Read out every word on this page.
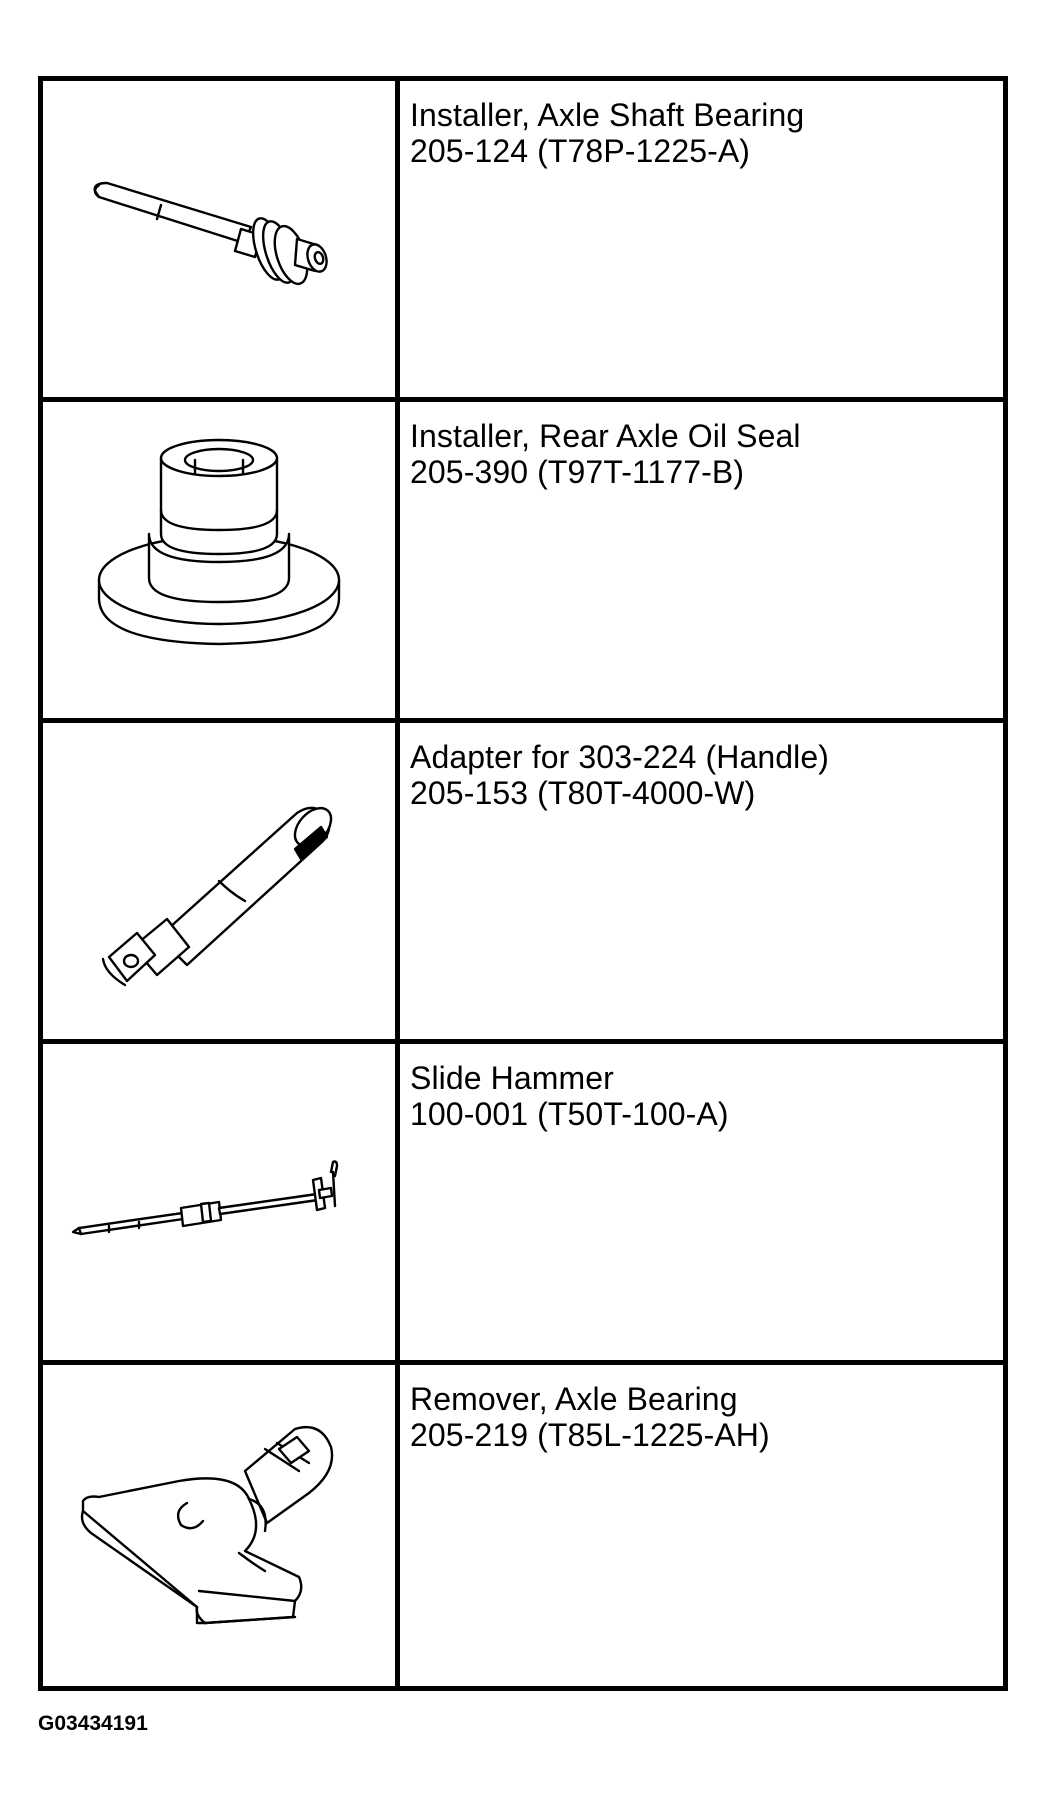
Installer, Axle Shaft Bearing
205-124 (T78P-1225-A)
Installer, Rear Axle Oil Seal
205-390 (T97T-1177-B)
Adapter for 303-224 (Handle)
205-153 (T80T-4000-W)
Slide Hammer
100-001 (T50T-100-A)
Remover, Axle Bearing
205-219 (T85L-1225-AH)
G03434191
